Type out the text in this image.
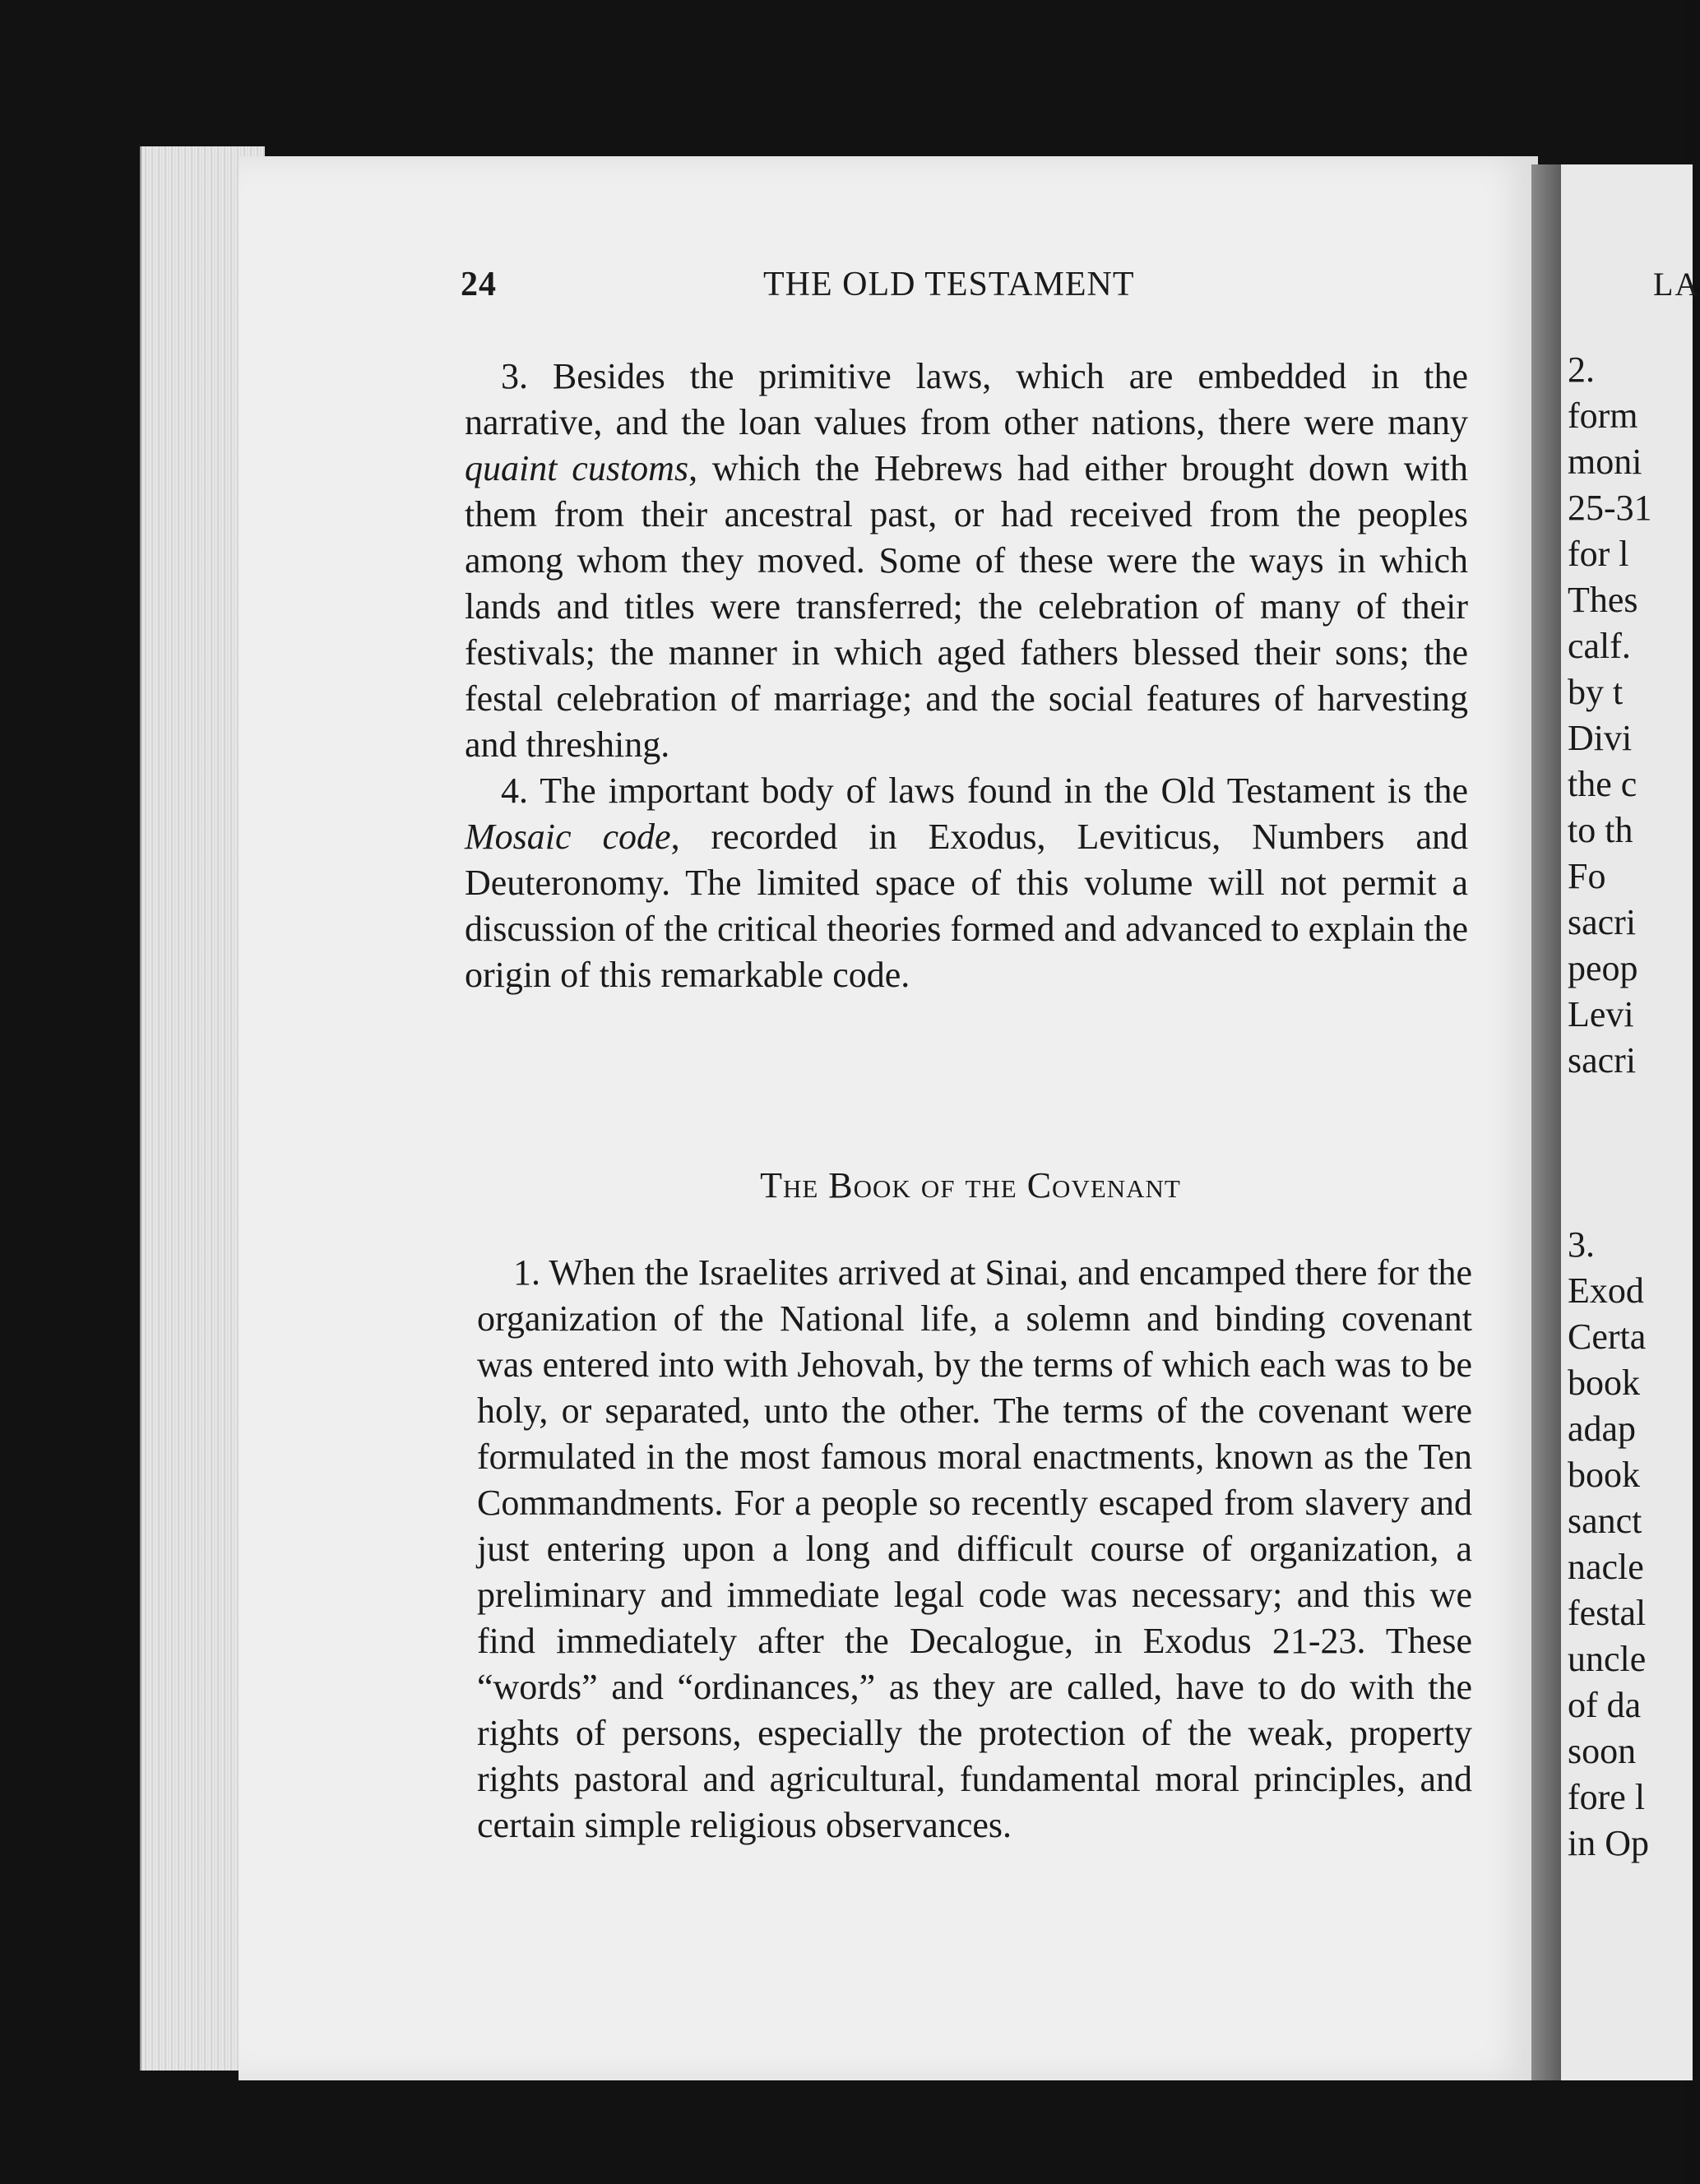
24	THE OLD TESTAMENT

3. Besides the primitive laws, which are embedded in the narrative, and the loan values from other nations, there were many quaint customs, which the Hebrews had either brought down with them from their ancestral past, or had received from the peoples among whom they moved. Some of these were the ways in which lands and titles were transferred; the celebration of many of their festivals; the manner in which aged fathers blessed their sons; the festal celebration of marriage; and the social features of harvesting and threshing.

4. The important body of laws found in the Old Testament is the Mosaic code, recorded in Exodus, Leviticus, Numbers and Deuteronomy. The limited space of this volume will not permit a discussion of the critical theories formed and advanced to explain the origin of this remarkable code.

The Book of the Covenant

1. When the Israelites arrived at Sinai, and encamped there for the organization of the National life, a solemn and binding covenant was entered into with Jehovah, by the terms of which each was to be holy, or separated, unto the other. The terms of the covenant were formulated in the most famous moral enactments, known as the Ten Commandments. For a people so recently escaped from slavery and just entering upon a long and difficult course of organization, a preliminary and immediate legal code was necessary; and this we find immediately after the Decalogue, in Exodus 21-23. These “words” and “ordinances,” as they are called, have to do with the rights of persons, especially the protection of the weak, property rights pastoral and agricultural, fundamental moral principles, and certain simple religious observances.

LA
2.
form
moni
25-31
for l
Thes
calf.
by t
Divi
the c
to th
Fo
sacri
peop
Levi
sacri
3.
Exod
Certa
book
adap
book
sanct
nacle
festal
uncle
of da
soon
fore l
in Op
